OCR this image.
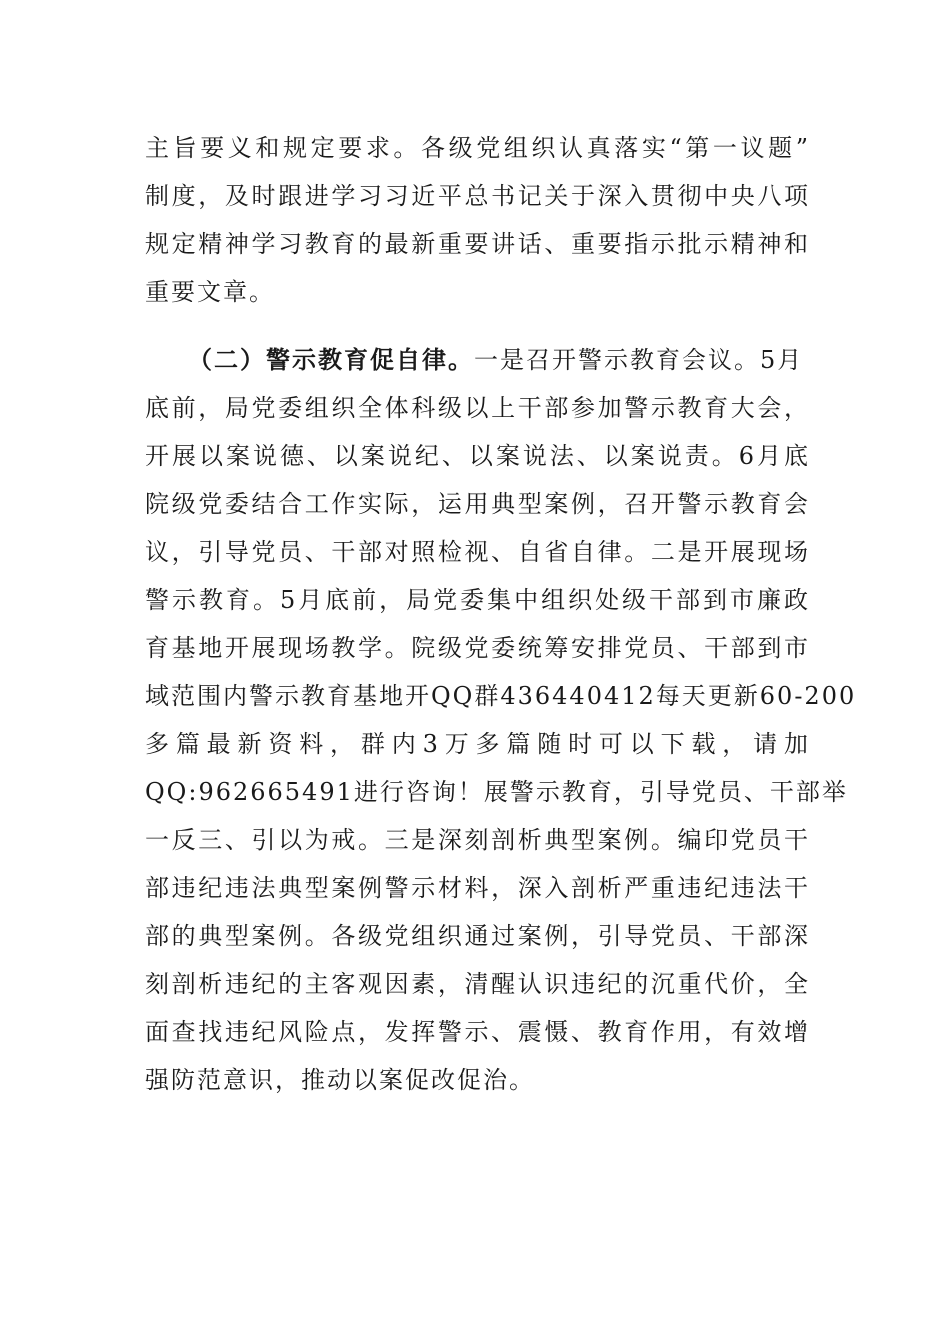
主旨要义和规定要求。各级党组织认真落实“第一议题”
制度，及时跟进学习习近平总书记关于深入贯彻中央八项
规定精神学习教育的最新重要讲话、重要指示批示精神和
重要文章。
（二）警示教育促自律。一是召开警示教育会议。5月
底前，局党委组织全体科级以上干部参加警示教育大会，
开展以案说德、以案说纪、以案说法、以案说责。6月底
院级党委结合工作实际，运用典型案例，召开警示教育会
议，引导党员、干部对照检视、自省自律。二是开展现场
警示教育。5月底前，局党委集中组织处级干部到市廉政
育基地开展现场教学。院级党委统筹安排党员、干部到市
域范围内警示教育基地开QQ群436440412每天更新60-200
多篇最新资料，群内3万多篇随时可以下载，请加
QQ:962665491进行咨询！展警示教育，引导党员、干部举
一反三、引以为戒。三是深刻剖析典型案例。编印党员干
部违纪违法典型案例警示材料，深入剖析严重违纪违法干
部的典型案例。各级党组织通过案例，引导党员、干部深
刻剖析违纪的主客观因素，清醒认识违纪的沉重代价，全
面查找违纪风险点，发挥警示、震慑、教育作用，有效增
强防范意识，推动以案促改促治。
